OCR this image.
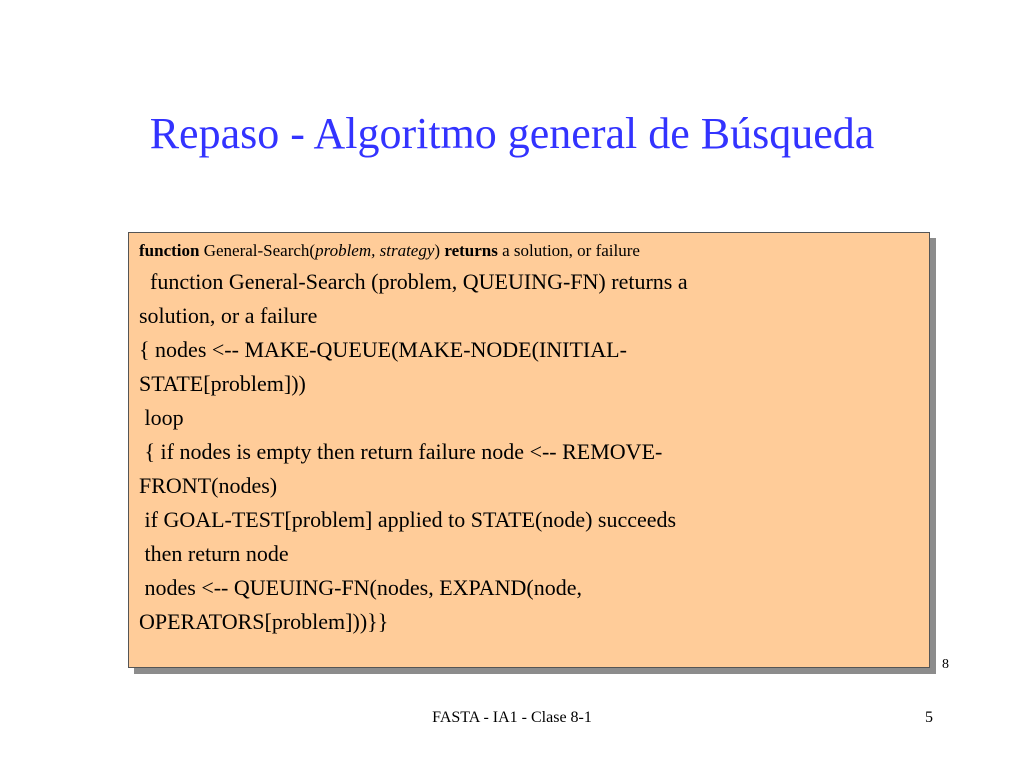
Repaso - Algoritmo general de Búsqueda
function General-Search(problem, strategy) returns a solution, or failure

function General-Search (problem, QUEUING-FN) returns a

solution, or a failure

{ nodes <-- MAKE-QUEUE(MAKE-NODE(INITIAL-

STATE[problem]))

loop

{ if nodes is empty then return failure node <-- REMOVE-

FRONT(nodes)

if GOAL-TEST[problem] applied to STATE(node) succeeds

then return node

nodes <-- QUEUING-FN(nodes, EXPAND(node,

OPERATORS[problem]))}}

8
FASTA - IA1 - Clase 8-1	5
